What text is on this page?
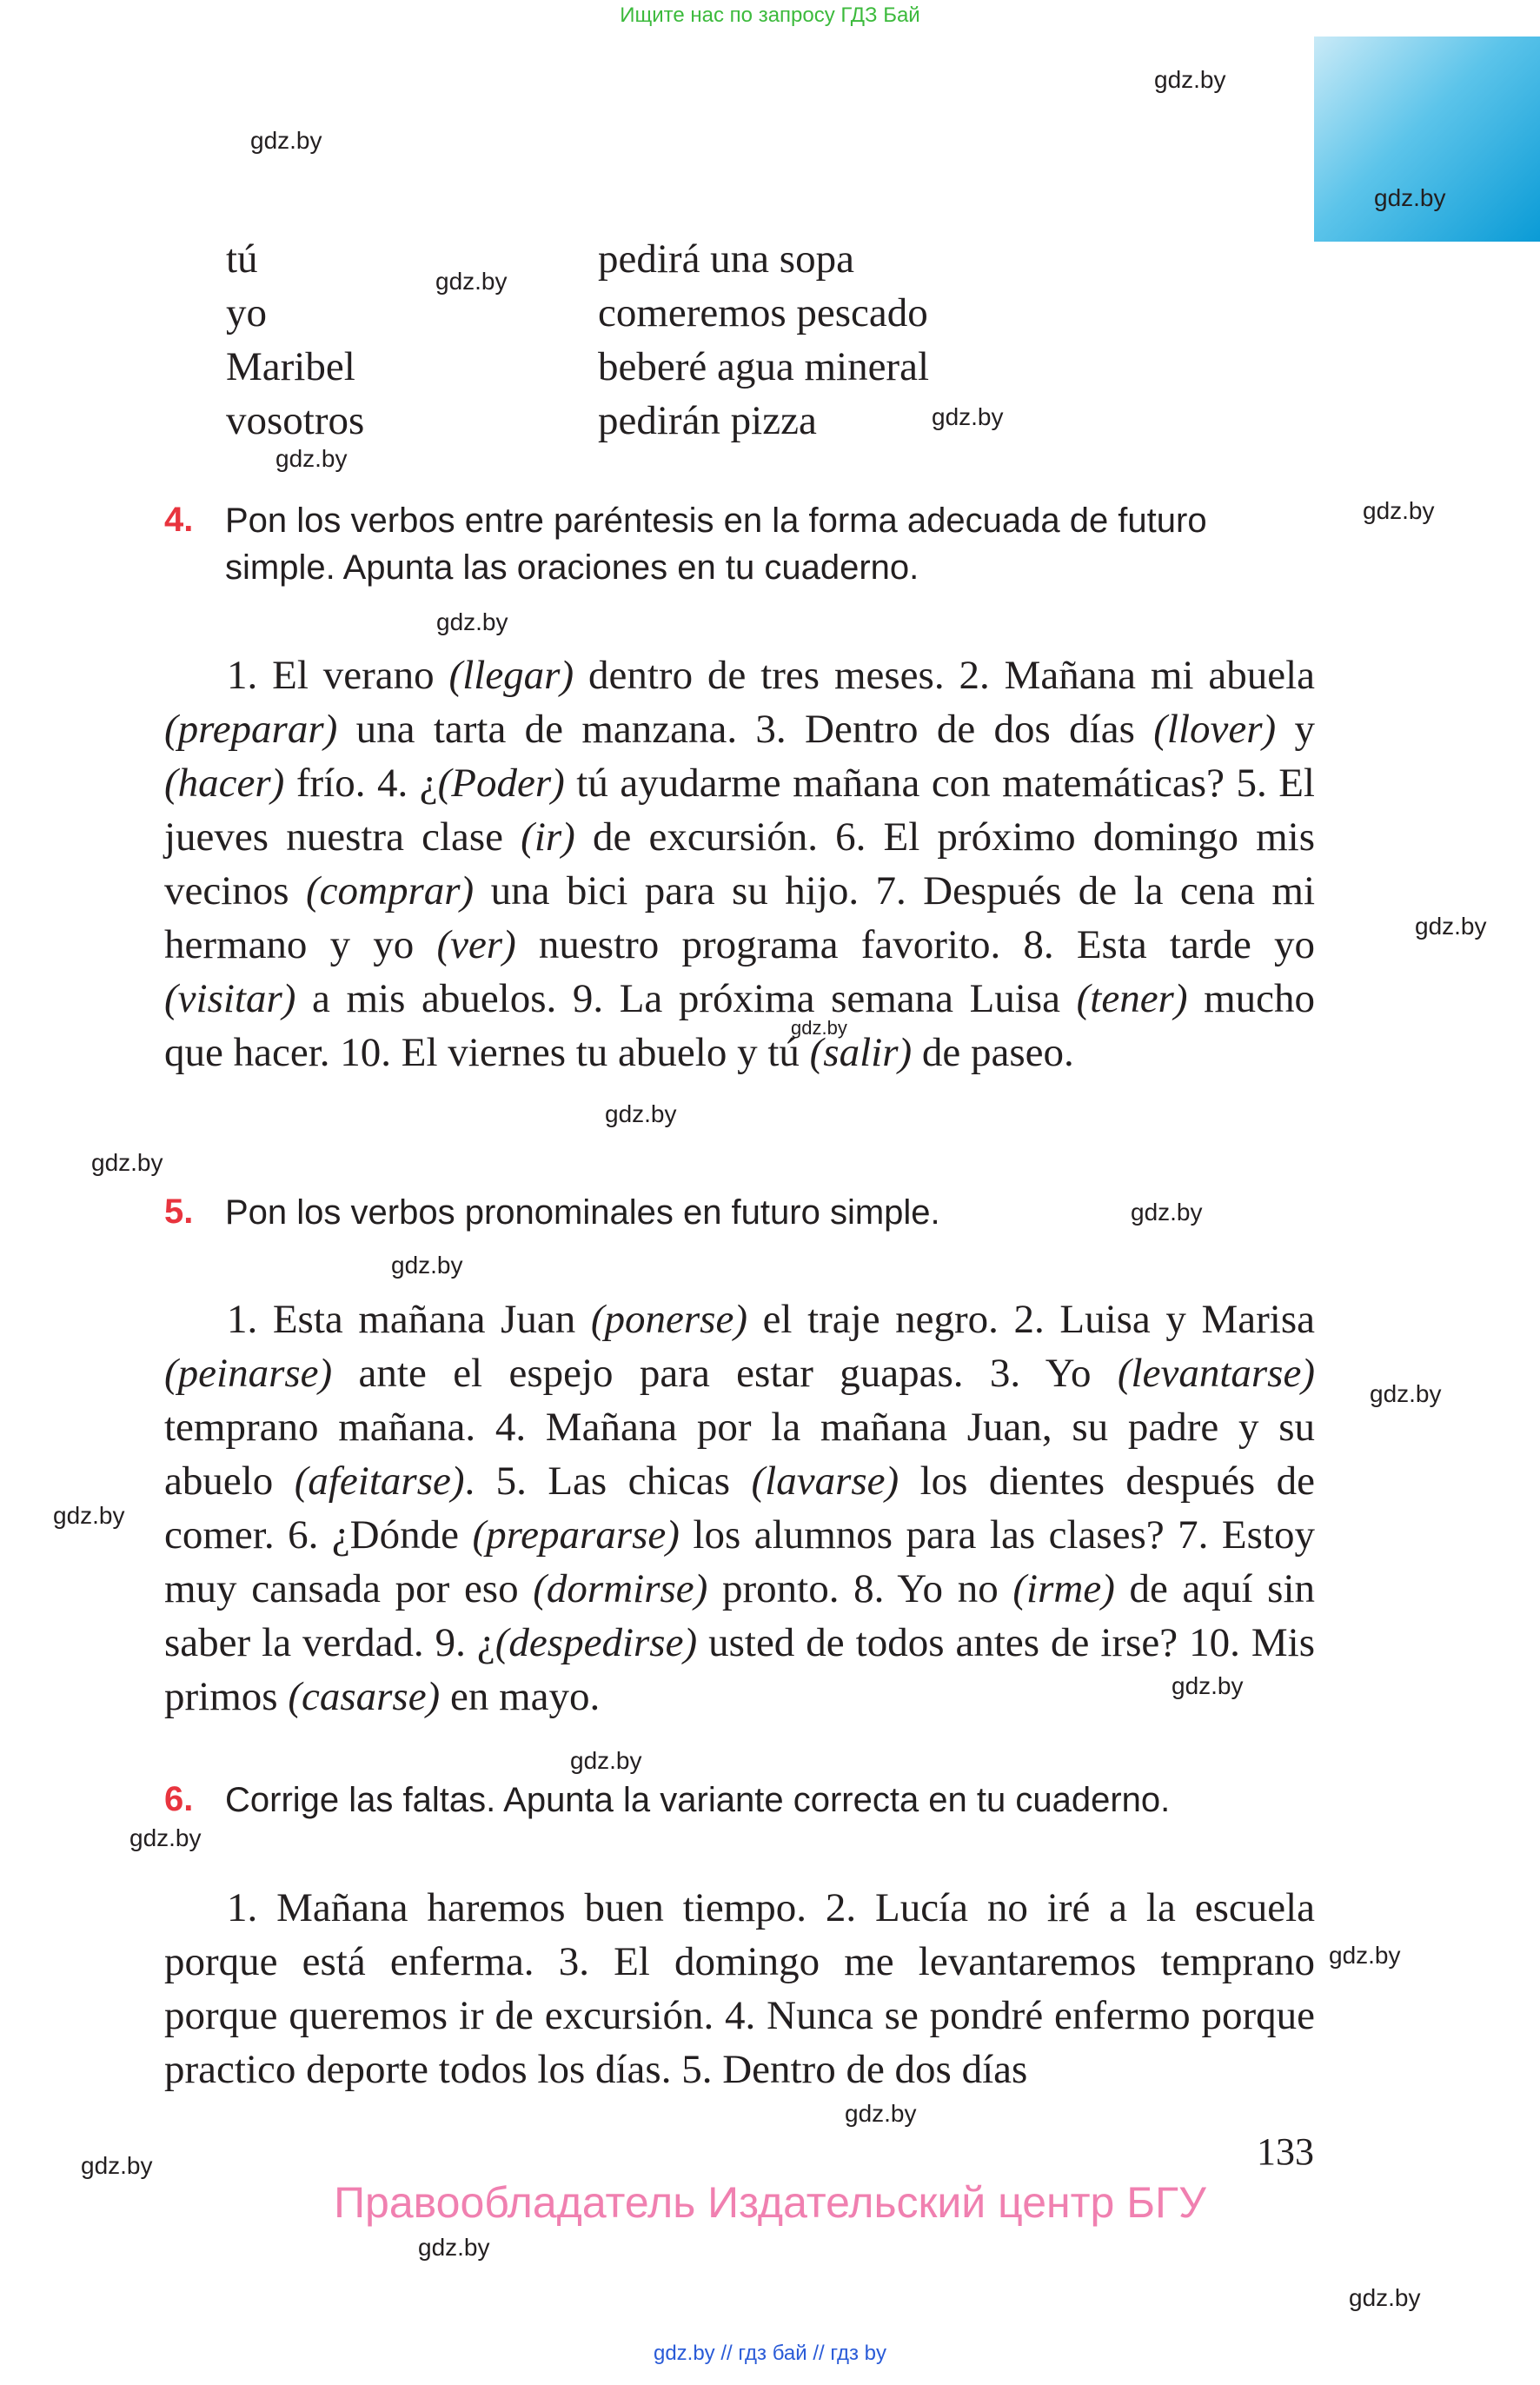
Ищите нас по запросу ГДЗ Бай
gdz.by
gdz.by
gdz.by
gdz.by
gdz.by
gdz.by
gdz.by
gdz.by
gdz.by
gdz.by
gdz.by
gdz.by
gdz.by
gdz.by
gdz.by
gdz.by
gdz.by
gdz.by
gdz.by
gdz.by
gdz.by
gdz.by
gdz.by
gdz.by
tú
yo
Maribel
vosotros
pedirá una sopa
comeremos pescado
beberé agua mineral
pedirán pizza
4. Pon los verbos entre paréntesis en la forma adecuada de futuro simple. Apunta las oraciones en tu cuaderno.
1. El verano (llegar) dentro de tres meses. 2. Mañana mi abuela (preparar) una tarta de manzana. 3. Dentro de dos días (llover) y (hacer) frío. 4. ¿(Poder) tú ayudarme mañana con matemáticas? 5. El jueves nuestra clase (ir) de excursión. 6. El próximo domingo mis vecinos (comprar) una bici para su hijo. 7. Después de la cena mi hermano y yo (ver) nuestro programa favorito. 8. Esta tarde yo (visitar) a mis abuelos. 9. La próxima semana Luisa (tener) mucho que hacer. 10. El viernes tu abuelo y tú (salir) de paseo.
5. Pon los verbos pronominales en futuro simple.
1. Esta mañana Juan (ponerse) el traje negro. 2. Luisa y Marisa (peinarse) ante el espejo para estar guapas. 3. Yo (levantarse) temprano mañana. 4. Mañana por la mañana Juan, su padre y su abuelo (afeitarse). 5. Las chicas (lavarse) los dientes después de comer. 6. ¿Dónde (prepararse) los alumnos para las clases? 7. Estoy muy cansada por eso (dormirse) pronto. 8. Yo no (irme) de aquí sin saber la verdad. 9. ¿(despedirse) usted de todos antes de irse? 10. Mis primos (casarse) en mayo.
6. Corrige las faltas. Apunta la variante correcta en tu cuaderno.
1. Mañana haremos buen tiempo. 2. Lucía no iré a la escuela porque está enferma. 3. El domingo me levantaremos temprano porque queremos ir de excursión. 4. Nunca se pondré enfermo porque practico deporte todos los días. 5. Dentro de dos días
133
Правообладатель Издательский центр БГУ
gdz.by // гдз бай // гдз by
